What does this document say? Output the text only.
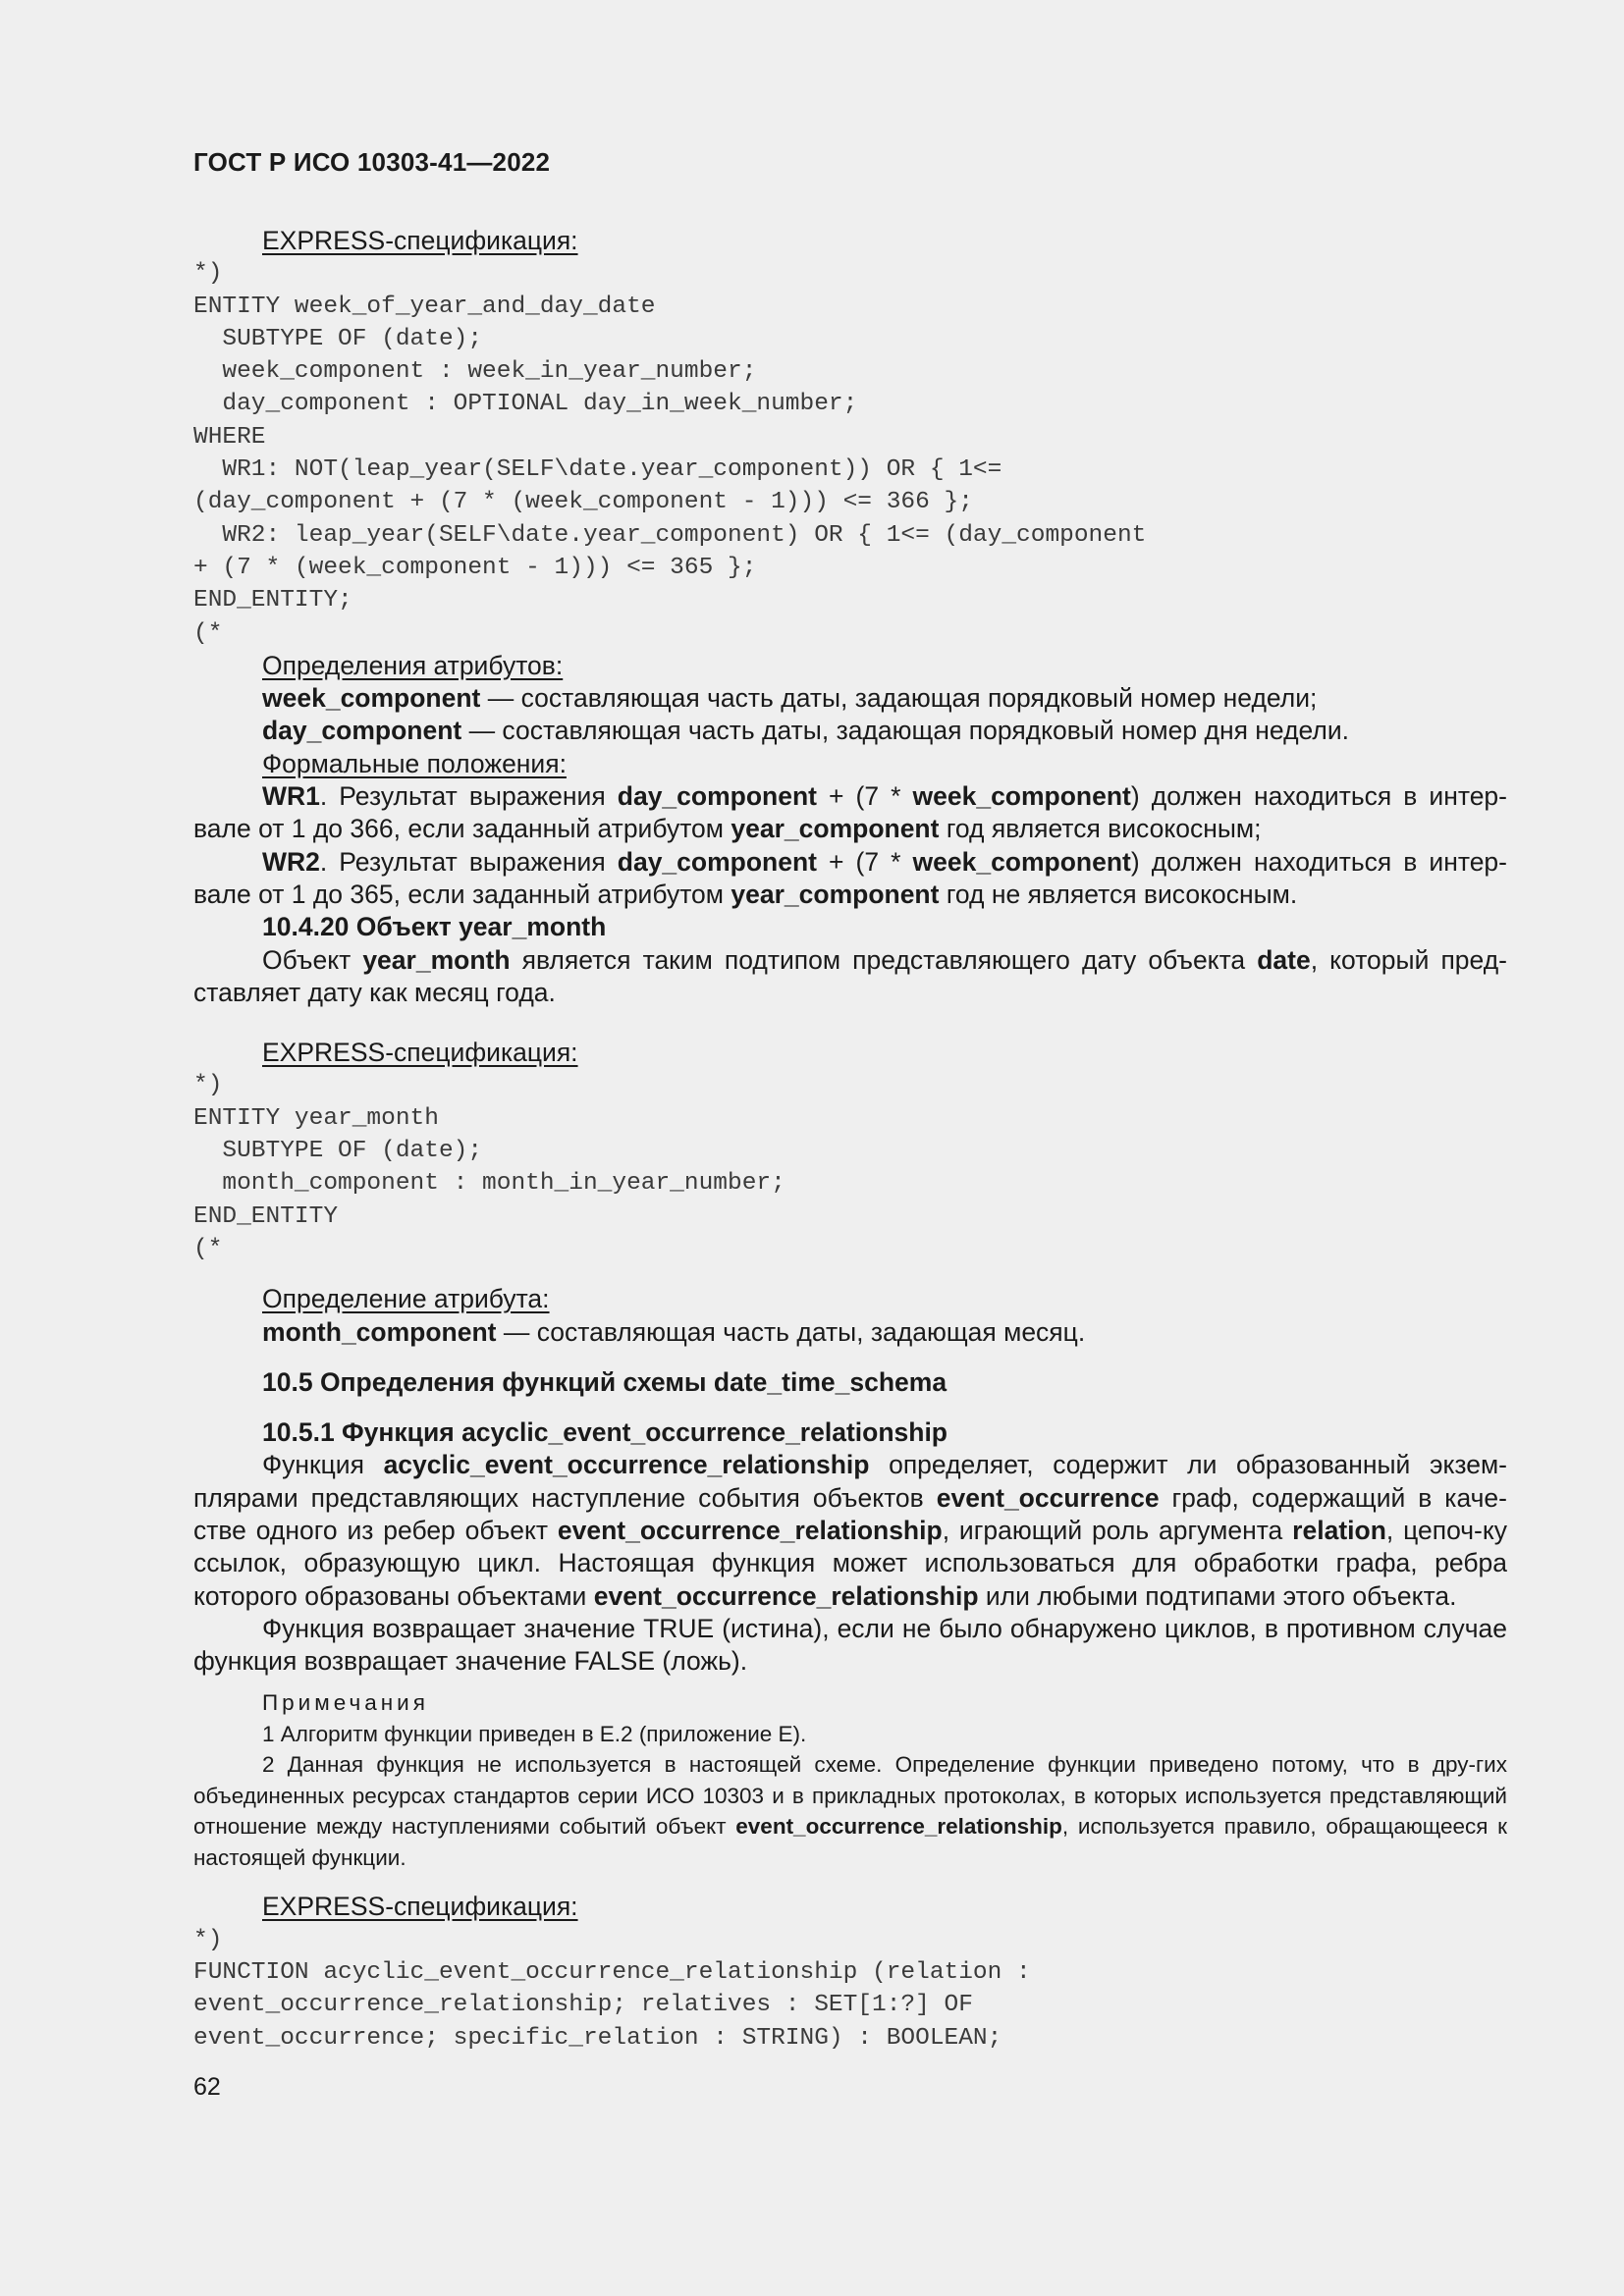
ГОСТ Р ИСО 10303-41—2022

EXPRESS-спецификация:

*)
ENTITY week_of_year_and_day_date
SUBTYPE OF (date);
week_component : week_in_year_number;
day_component : OPTIONAL day_in_week_number;
WHERE
WR1: NOT(leap_year(SELF\date.year_component)) OR { 1<=
(day_component + (7 * (week_component - 1))) <= 366 };
WR2: leap_year(SELF\date.year_component) OR { 1<= (day_component
+ (7 * (week_component - 1))) <= 365 };
END_ENTITY;
(*

Определения атрибутов:

week_component — составляющая часть даты, задающая порядковый номер недели;

day_component — составляющая часть даты, задающая порядковый номер дня недели.

Формальные положения:

WR1. Результат выражения day_component + (7 * week_component) должен находиться в интер-вале от 1 до 366, если заданный атрибутом year_component год является високосным;

WR2. Результат выражения day_component + (7 * week_component) должен находиться в интер-вале от 1 до 365, если заданный атрибутом year_component год не является високосным.

10.4.20 Объект year_month

Объект year_month является таким подтипом представляющего дату объекта date, который пред-ставляет дату как месяц года.

EXPRESS-спецификация:

*)
ENTITY year_month
SUBTYPE OF (date);
month_component : month_in_year_number;
END_ENTITY
(*

Определение атрибута:

month_component — составляющая часть даты, задающая месяц.

10.5 Определения функций схемы date_time_schema

10.5.1 Функция acyclic_event_occurrence_relationship

Функция acyclic_event_occurrence_relationship определяет, содержит ли образованный экзем-плярами представляющих наступление события объектов event_occurrence граф, содержащий в каче-стве одного из ребер объект event_occurrence_relationship, играющий роль аргумента relation, цепоч-ку ссылок, образующую цикл. Настоящая функция может использоваться для обработки графа, ребра которого образованы объектами event_occurrence_relationship или любыми подтипами этого объекта.

Функция возвращает значение TRUE (истина), если не было обнаружено циклов, в противном случае функция возвращает значение FALSE (ложь).

Примечания

1 Алгоритм функции приведен в Е.2 (приложение Е).

2 Данная функция не используется в настоящей схеме. Определение функции приведено потому, что в дру-гих объединенных ресурсах стандартов серии ИСО 10303 и в прикладных протоколах, в которых используется представляющий отношение между наступлениями событий объект event_occurrence_relationship, используется правило, обращающееся к настоящей функции.

EXPRESS-спецификация:

*)
FUNCTION acyclic_event_occurrence_relationship (relation :
event_occurrence_relationship; relatives : SET[1:?] OF
event_occurrence; specific_relation : STRING) : BOOLEAN;
62
